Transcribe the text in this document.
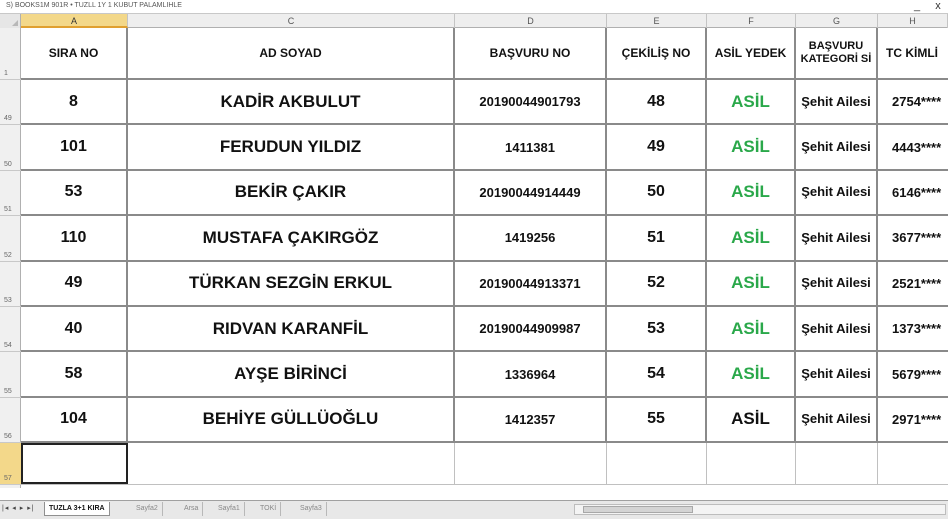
S) BOOKS1M 901R • TUZLL 1Y 1 KUBUT PALAMLIHLE	_ x
A	C	D	E	F	G	H
1
49
50
51
52
53
54
55
56
57
SIRA NO	AD SOYAD	BAŞVURU NO	ÇEKİLİŞ NO	ASİL YEDEK	BAŞVURU KATEGORİ Sİ	TC KİMLİ
8	KADİR AKBULUT	20190044901793	48	ASİL	Şehit Ailesi	2754****
101	FERUDUN YILDIZ	1411381	49	ASİL	Şehit Ailesi	4443****
53	BEKİR ÇAKIR	20190044914449	50	ASİL	Şehit Ailesi	6146****
110	MUSTAFA ÇAKIRGÖZ	1419256	51	ASİL	Şehit Ailesi	3677****
49	TÜRKAN SEZGİN ERKUL	20190044913371	52	ASİL	Şehit Ailesi	2521****
40	RIDVAN KARANFİL	20190044909987	53	ASİL	Şehit Ailesi	1373****
58	AYŞE BİRİNCİ	1336964	54	ASİL	Şehit Ailesi	5679****
104	BEHİYE GÜLLÜOĞLU	1412357	55	ASİL	Şehit Ailesi	2971****
|◂ ◂ ▸ ▸|	TUZLA 3+1 KIRA	Sayfa2	Arsa	Sayfa1	TOKİ	Sayfa3
